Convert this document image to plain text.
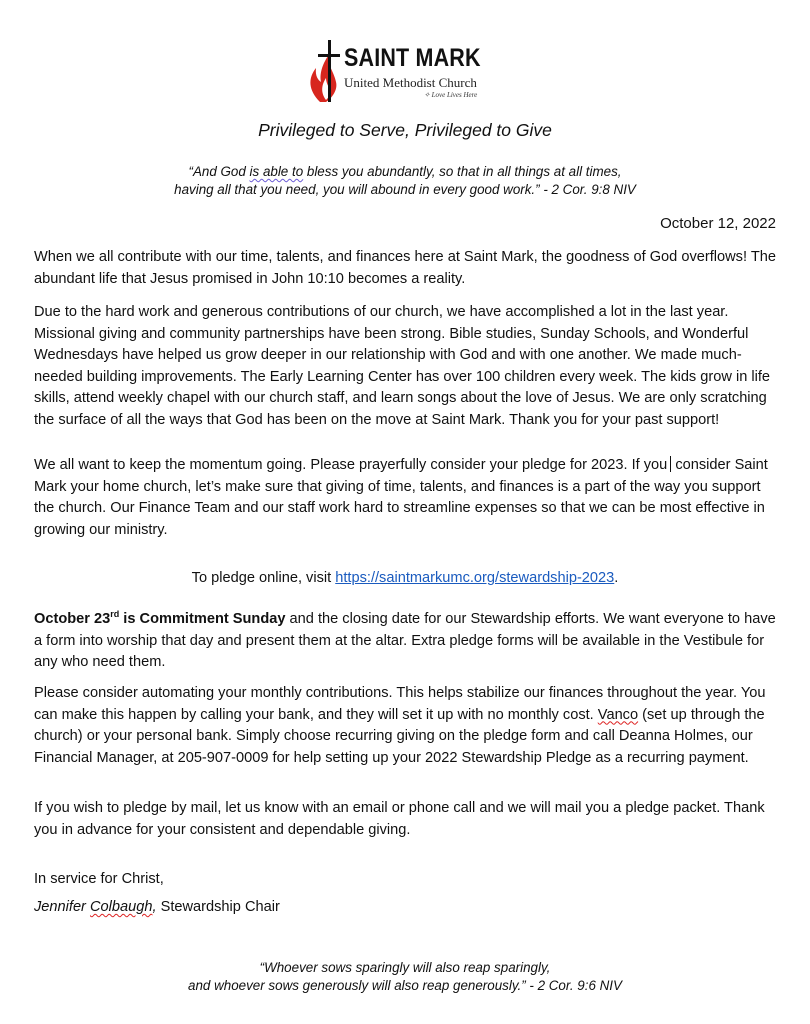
SAINT MARK
United Methodist Church
✧ Love Lives Here
Privileged to Serve, Privileged to Give
“And God is able to bless you abundantly, so that in all things at all times,
having all that you need, you will abound in every good work.” - 2 Cor. 9:8 NIV
October 12, 2022

When we all contribute with our time, talents, and finances here at Saint Mark, the goodness of God overflows! The abundant life that Jesus promised in John 10:10 becomes a reality.

Due to the hard work and generous contributions of our church, we have accomplished a lot in the last year. Missional giving and community partnerships have been strong. Bible studies, Sunday Schools, and Wonderful Wednesdays have helped us grow deeper in our relationship with God and with one another. We made much-needed building improvements. The Early Learning Center has over 100 children every week. The kids grow in life skills, attend weekly chapel with our church staff, and learn songs about the love of Jesus. We are only scratching the surface of all the ways that God has been on the move at Saint Mark. Thank you for your past support!

We all want to keep the momentum going. Please prayerfully consider your pledge for 2023. If you consider Saint Mark your home church, let’s make sure that giving of time, talents, and finances is a part of the way you support the church. Our Finance Team and our staff work hard to streamline expenses so that we can be most effective in growing our ministry.

To pledge online, visit https://saintmarkumc.org/stewardship-2023.

October 23rd is Commitment Sunday and the closing date for our Stewardship efforts. We want everyone to have a form into worship that day and present them at the altar. Extra pledge forms will be available in the Vestibule for any who need them.

Please consider automating your monthly contributions. This helps stabilize our finances throughout the year. You can make this happen by calling your bank, and they will set it up with no monthly cost. Vanco (set up through the church) or your personal bank. Simply choose recurring giving on the pledge form and call Deanna Holmes, our Financial Manager, at 205-907-0009 for help setting up your 2022 Stewardship Pledge as a recurring payment.

If you wish to pledge by mail, let us know with an email or phone call and we will mail you a pledge packet. Thank you in advance for your consistent and dependable giving.

In service for Christ,
Jennifer Colbaugh, Stewardship Chair
“Whoever sows sparingly will also reap sparingly,
and whoever sows generously will also reap generously.” - 2 Cor. 9:6 NIV
